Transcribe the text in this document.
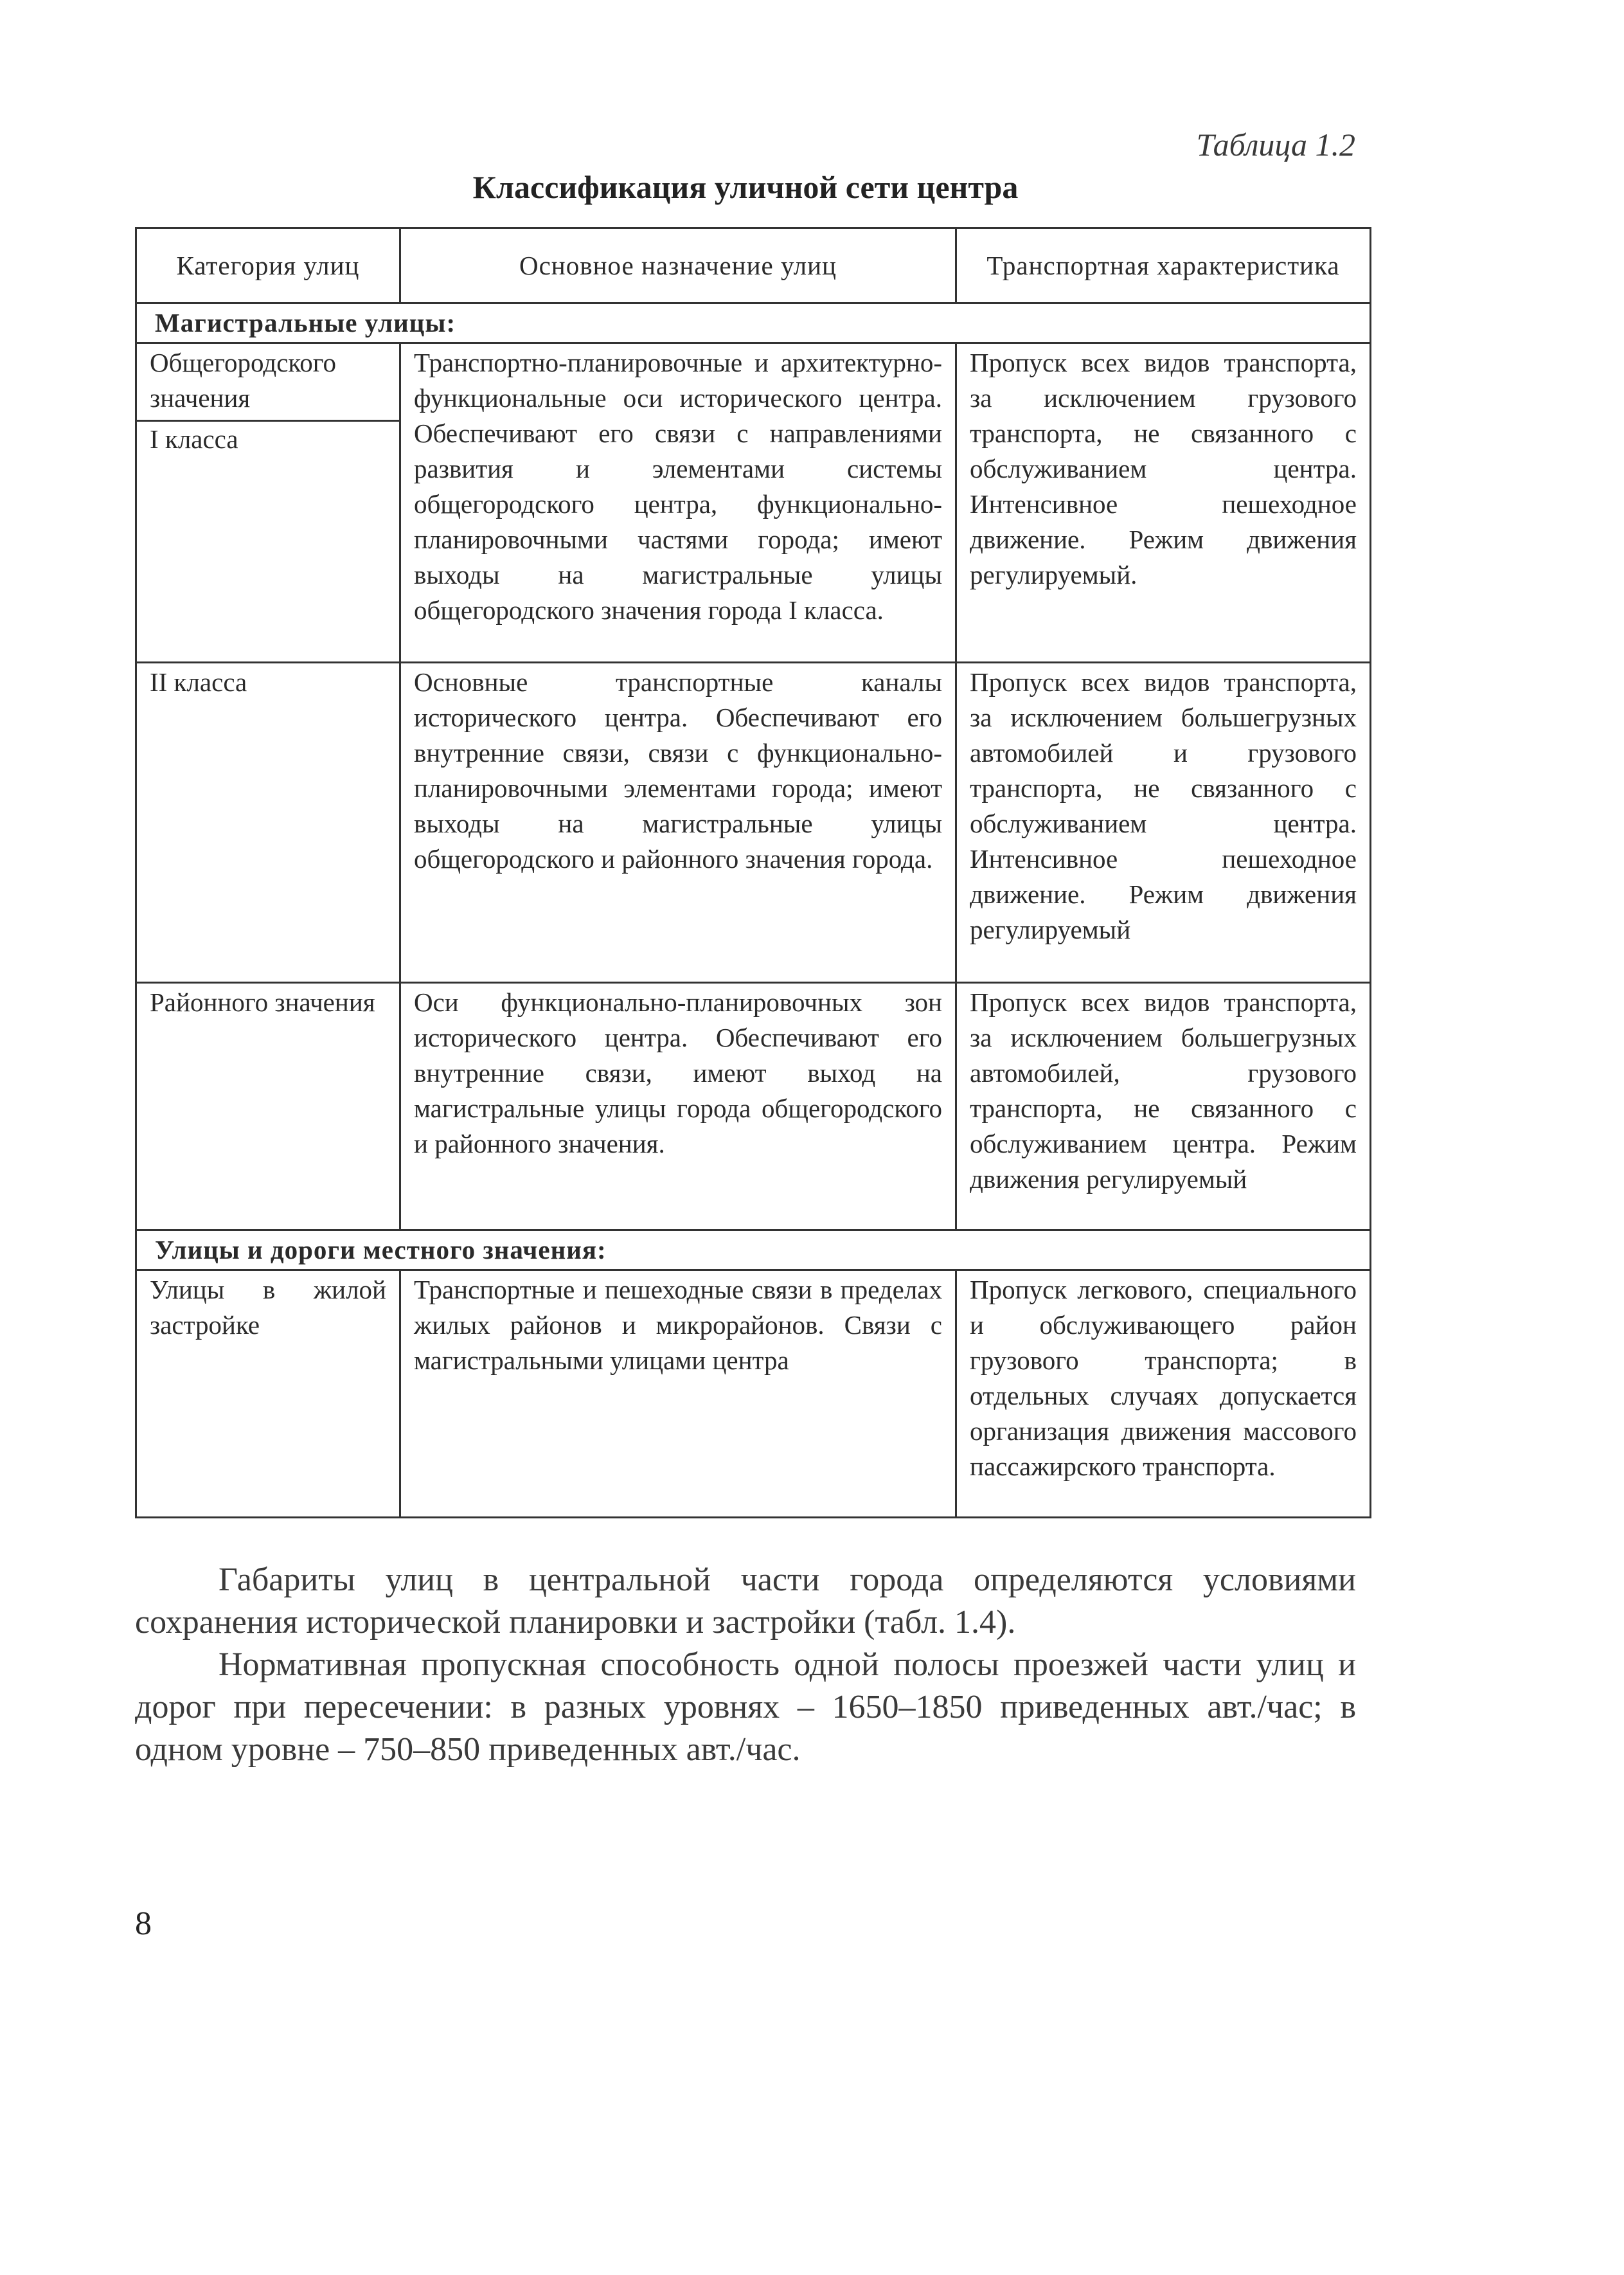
Таблица 1.2
Классификация уличной сети центра
Категория улиц	Основное назначение улиц	Транспортная характеристика
Магистральные улицы:		

Общегородского значения
I класса	Транспортно-планировочные и архитектурно-функциональные оси исторического центра. Обеспечивают его связи с направлениями развития и элементами системы общегородского центра, функционально-планировочными частями города; имеют выходы на магистральные улицы общегородского значения города I класса.	Пропуск всех видов транспорта, за исключением грузового транспорта, не связанного с обслуживанием центра. Интенсивное пешеходное движение. Режим движения регулируемый.
II класса	Основные транспортные каналы исторического центра. Обеспечивают его внутренние связи, связи с функционально-планировочными элементами города; имеют выходы на магистральные улицы общегородского и районного значения города.	Пропуск всех видов транспорта, за исключением большегрузных автомобилей и грузового транспорта, не связанного с обслуживанием центра. Интенсивное пешеходное движение. Режим движения регулируемый
Районного значения	Оси функционально-планировочных зон исторического центра. Обеспечивают его внутренние связи, имеют выход на магистральные улицы города общегородского и районного значения.	Пропуск всех видов транспорта, за исключением большегрузных автомобилей, грузового транспорта, не связанного с обслуживанием центра. Режим движения регулируемый
Улицы и дороги местного значения:		
Улицы в жилой застройке	Транспортные и пешеходные связи в пределах жилых районов и микрорайонов. Связи с магистральными улицами центра	Пропуск легкового, специального и обслуживающего район грузового транспорта; в отдельных случаях допускается организация движения массового пассажирского транспорта.

Габариты улиц в центральной части города определяются условиями сохранения исторической планировки и застройки (табл. 1.4).

Нормативная пропускная способность одной полосы проезжей части улиц и дорог при пересечении: в разных уровнях – 1650–1850 приведенных авт./час; в одном уровне – 750–850 приведенных авт./час.

8
